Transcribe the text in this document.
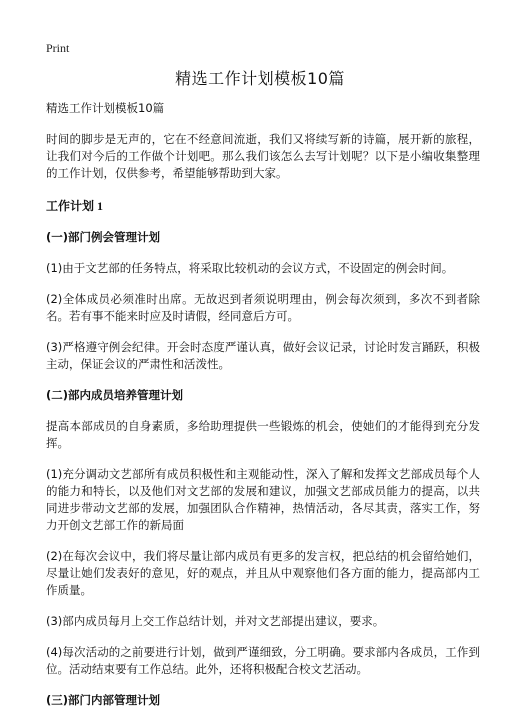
Print

精选工作计划模板10篇

精选工作计划模板10篇

时间的脚步是无声的，它在不经意间流逝，我们又将续写新的诗篇，展开新的旅程，让我们对今后的工作做个计划吧。那么我们该怎么去写计划呢？以下是小编收集整理的工作计划，仅供参考，希望能够帮助到大家。

工作计划 1

(一)部门例会管理计划

(1)由于文艺部的任务特点，将采取比较机动的会议方式，不设固定的例会时间。

(2)全体成员必须准时出席。无故迟到者须说明理由，例会每次须到，多次不到者除名。若有事不能来时应及时请假，经同意后方可。

(3)严格遵守例会纪律。开会时态度严谨认真，做好会议记录，讨论时发言踊跃，积极主动，保证会议的严肃性和活泼性。

(二)部内成员培养管理计划

提高本部成员的自身素质，多给助理提供一些锻炼的机会，使她们的才能得到充分发挥。

(1)充分调动文艺部所有成员积极性和主观能动性，深入了解和发挥文艺部成员每个人的能力和特长，以及他们对文艺部的发展和建议，加强文艺部成员能力的提高，以共同进步带动文艺部的发展，加强团队合作精神，热情活动，各尽其责，落实工作，努力开创文艺部工作的新局面

(2)在每次会议中，我们将尽量让部内成员有更多的发言权，把总结的机会留给她们，尽量让她们发表好的意见，好的观点，并且从中观察他们各方面的能力，提高部内工作质量。

(3)部内成员每月上交工作总结计划，并对文艺部提出建议，要求。

(4)每次活动的之前要进行计划，做到严谨细致，分工明确。要求部内各成员，工作到位。活动结束要有工作总结。此外，还将积极配合校文艺活动。

(三)部门内部管理计划
